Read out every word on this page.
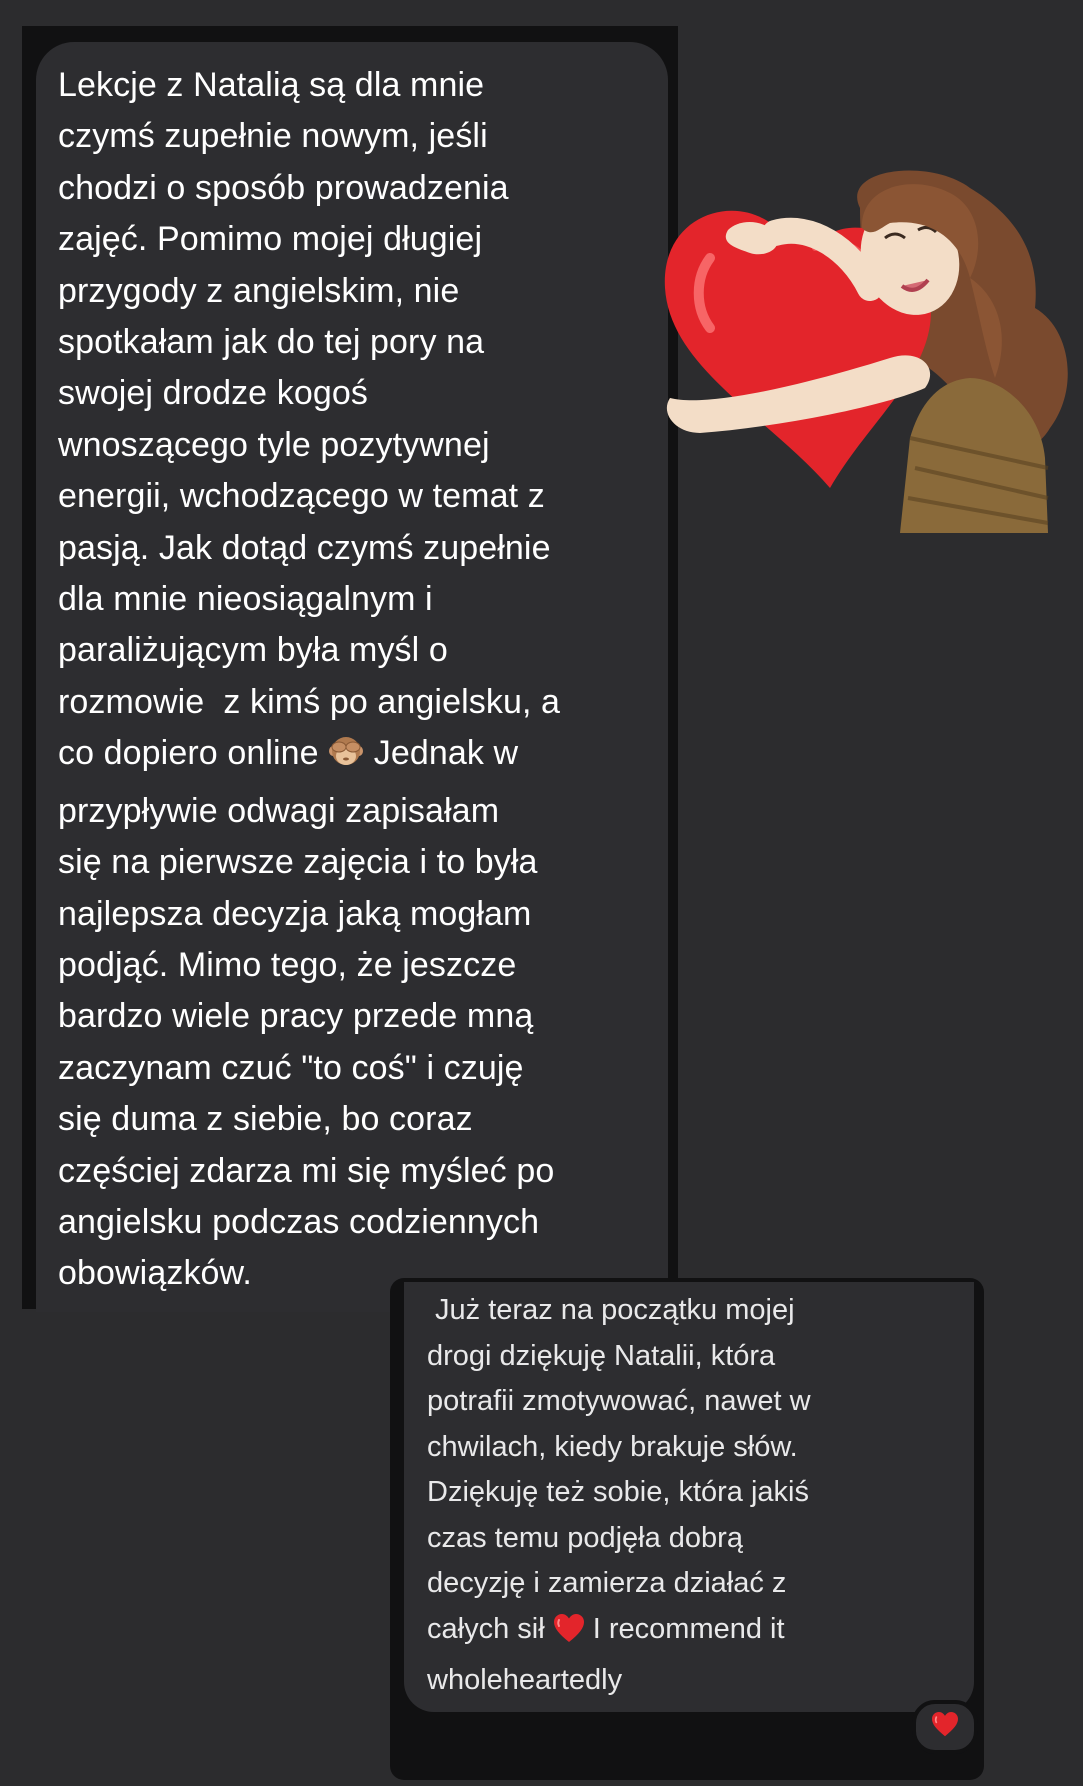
Lekcje z Natalią są dla mnie
czymś zupełnie nowym, jeśli
chodzi o sposób prowadzenia
zajęć. Pomimo mojej długiej
przygody z angielskim, nie
spotkałam jak do tej pory na
swojej drodze kogoś
wnoszącego tyle pozytywnej
energii, wchodzącego w temat z
pasją. Jak dotąd czymś zupełnie
dla mnie nieosiągalnym i
paraliżującym była myśl o
rozmowie  z kimś po angielsku, a
co dopiero online  Jednak w
przypływie odwagi zapisałam
się na pierwsze zajęcia i to była
najlepsza decyzja jaką mogłam
podjąć. Mimo tego, że jeszcze
bardzo wiele pracy przede mną
zaczynam czuć "to coś" i czuję
się duma z siebie, bo coraz
częściej zdarza mi się myśleć po
angielsku podczas codziennych
obowiązków.

Już teraz na początku mojej
drogi dziękuję Natalii, która
potrafii zmotywować, nawet w
chwilach, kiedy brakuje słów.
Dziękuję też sobie, która jakiś
czas temu podjęła dobrą
decyzję i zamierza działać z
całych sił  I recommend it
wholeheartedly
